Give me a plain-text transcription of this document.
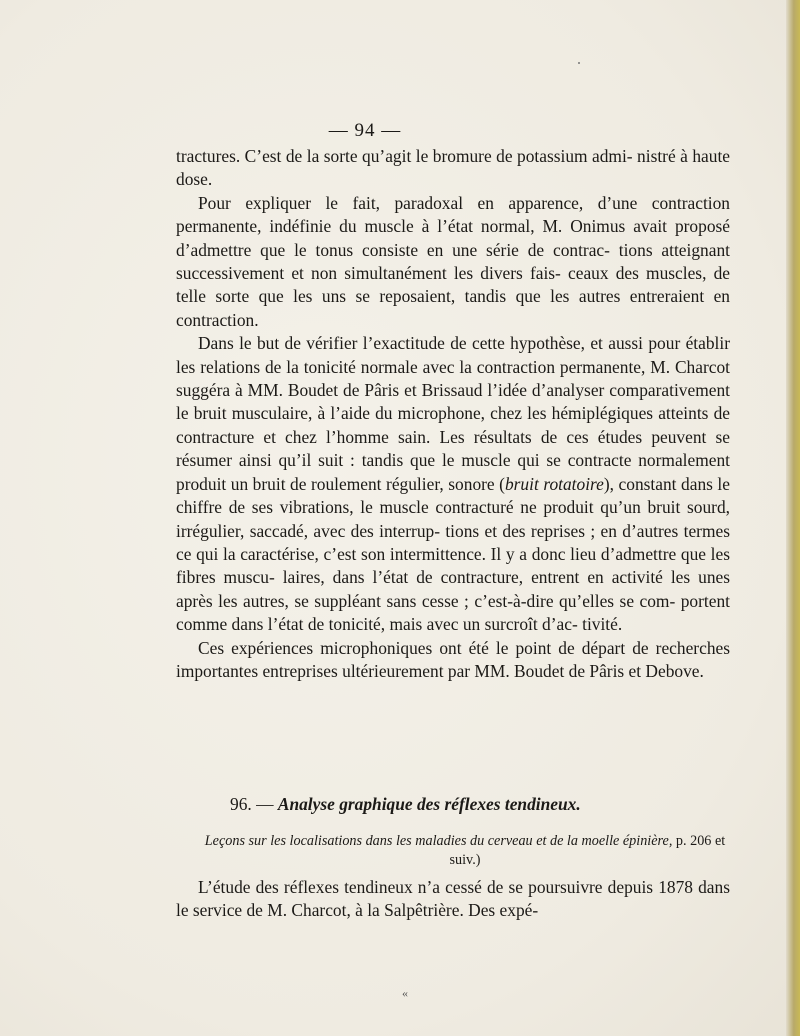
— 94 —

tractures. C’est de la sorte qu’agit le bromure de potassium admi- nistré à haute dose.

Pour expliquer le fait, paradoxal en apparence, d’une contraction permanente, indéfinie du muscle à l’état normal, M. Onimus avait proposé d’admettre que le tonus consiste en une série de contrac- tions atteignant successivement et non simultanément les divers fais- ceaux des muscles, de telle sorte que les uns se reposaient, tandis que les autres entreraient en contraction.

Dans le but de vérifier l’exactitude de cette hypothèse, et aussi pour établir les relations de la tonicité normale avec la contraction permanente, M. Charcot suggéra à MM. Boudet de Pâris et Brissaud l’idée d’analyser comparativement le bruit musculaire, à l’aide du microphone, chez les hémiplégiques atteints de contracture et chez l’homme sain. Les résultats de ces études peuvent se résumer ainsi qu’il suit : tandis que le muscle qui se contracte normalement produit un bruit de roulement régulier, sonore (bruit rotatoire), constant dans le chiffre de ses vibrations, le muscle contracturé ne produit qu’un bruit sourd, irrégulier, saccadé, avec des interrup- tions et des reprises ; en d’autres termes ce qui la caractérise, c’est son intermittence. Il y a donc lieu d’admettre que les fibres muscu- laires, dans l’état de contracture, entrent en activité les unes après les autres, se suppléant sans cesse ; c’est-à-dire qu’elles se com- portent comme dans l’état de tonicité, mais avec un surcroît d’ac- tivité.

Ces expériences microphoniques ont été le point de départ de recherches importantes entreprises ultérieurement par MM. Boudet de Pâris et Debove.

96. — Analyse graphique des réflexes tendineux.
Leçons sur les localisations dans les maladies du cerveau et de la moelle épinière, p. 206 et suiv.)

L’étude des réflexes tendineux n’a cessé de se poursuivre depuis 1878 dans le service de M. Charcot, à la Salpêtrière. Des expé-

«
